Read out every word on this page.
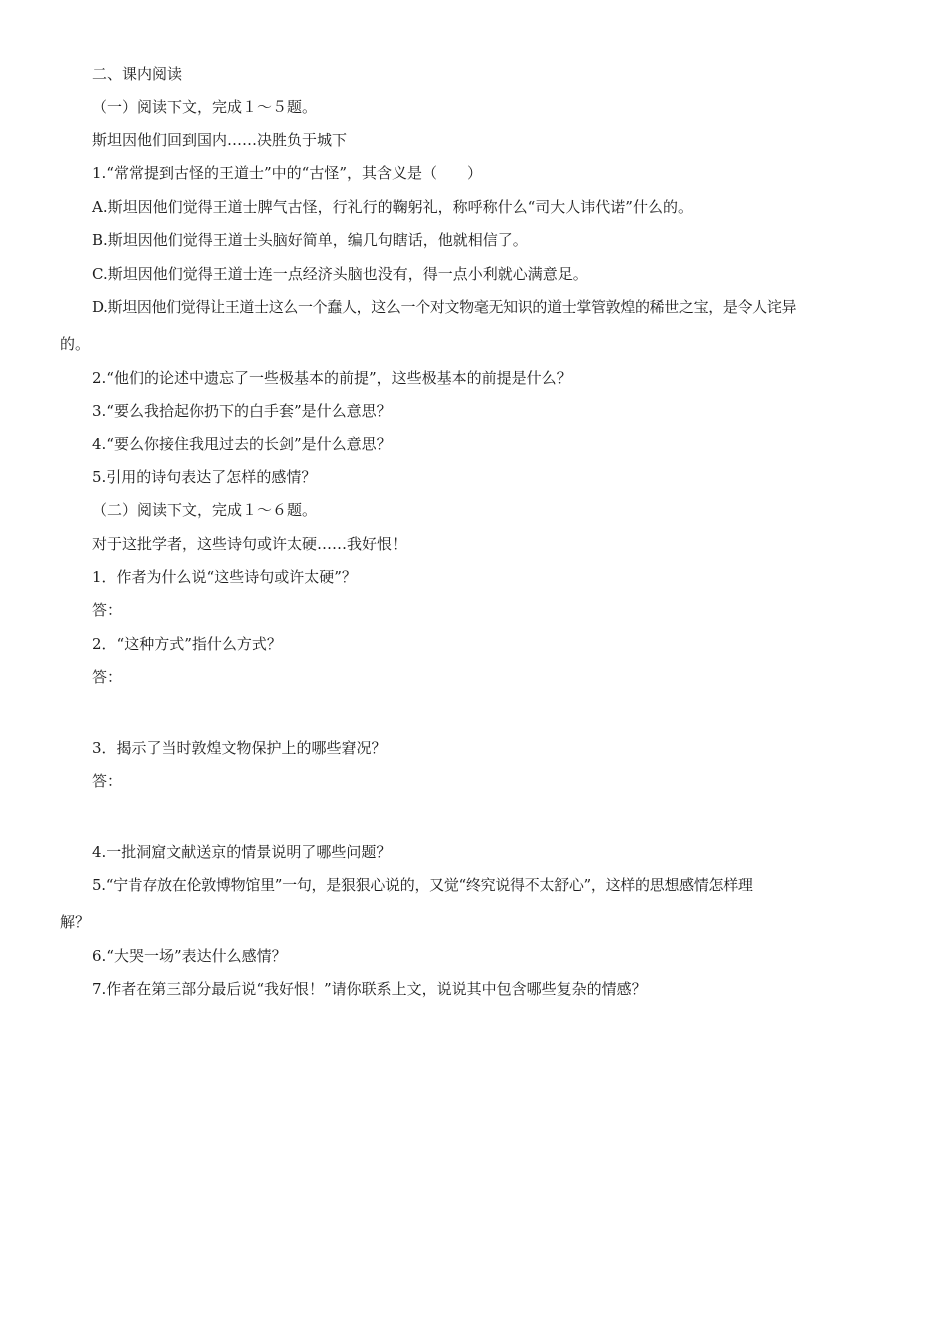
二、课内阅读
（一）阅读下文，完成１～５题。
斯坦因他们回到国内……决胜负于城下
1.“常常提到古怪的王道士”中的“古怪”，其含义是（　　）
A.斯坦因他们觉得王道士脾气古怪，行礼行的鞠躬礼，称呼称什么“司大人讳代诺”什么的。
B.斯坦因他们觉得王道士头脑好简单，编几句瞎话，他就相信了。
C.斯坦因他们觉得王道士连一点经济头脑也没有，得一点小利就心满意足。
D.斯坦因他们觉得让王道士这么一个蠢人，这么一个对文物毫无知识的道士掌管敦煌的稀世之宝，是令人诧异
的。
2.“他们的论述中遗忘了一些极基本的前提”，这些极基本的前提是什么？
3.“要么我拾起你扔下的白手套”是什么意思？
4.“要么你接住我甩过去的长剑”是什么意思？
5.引用的诗句表达了怎样的感情？
（二）阅读下文，完成１～６题。
对于这批学者，这些诗句或许太硬……我好恨！
1．作者为什么说“这些诗句或许太硬”？
答：
2．“这种方式”指什么方式？
答：
3．揭示了当时敦煌文物保护上的哪些窘况？
答：
4.一批洞窟文献送京的情景说明了哪些问题？
5.“宁肯存放在伦敦博物馆里”一句，是狠狠心说的，又觉“终究说得不太舒心”，这样的思想感情怎样理
解？
6.“大哭一场”表达什么感情？
7.作者在第三部分最后说“我好恨！”请你联系上文，说说其中包含哪些复杂的情感？
